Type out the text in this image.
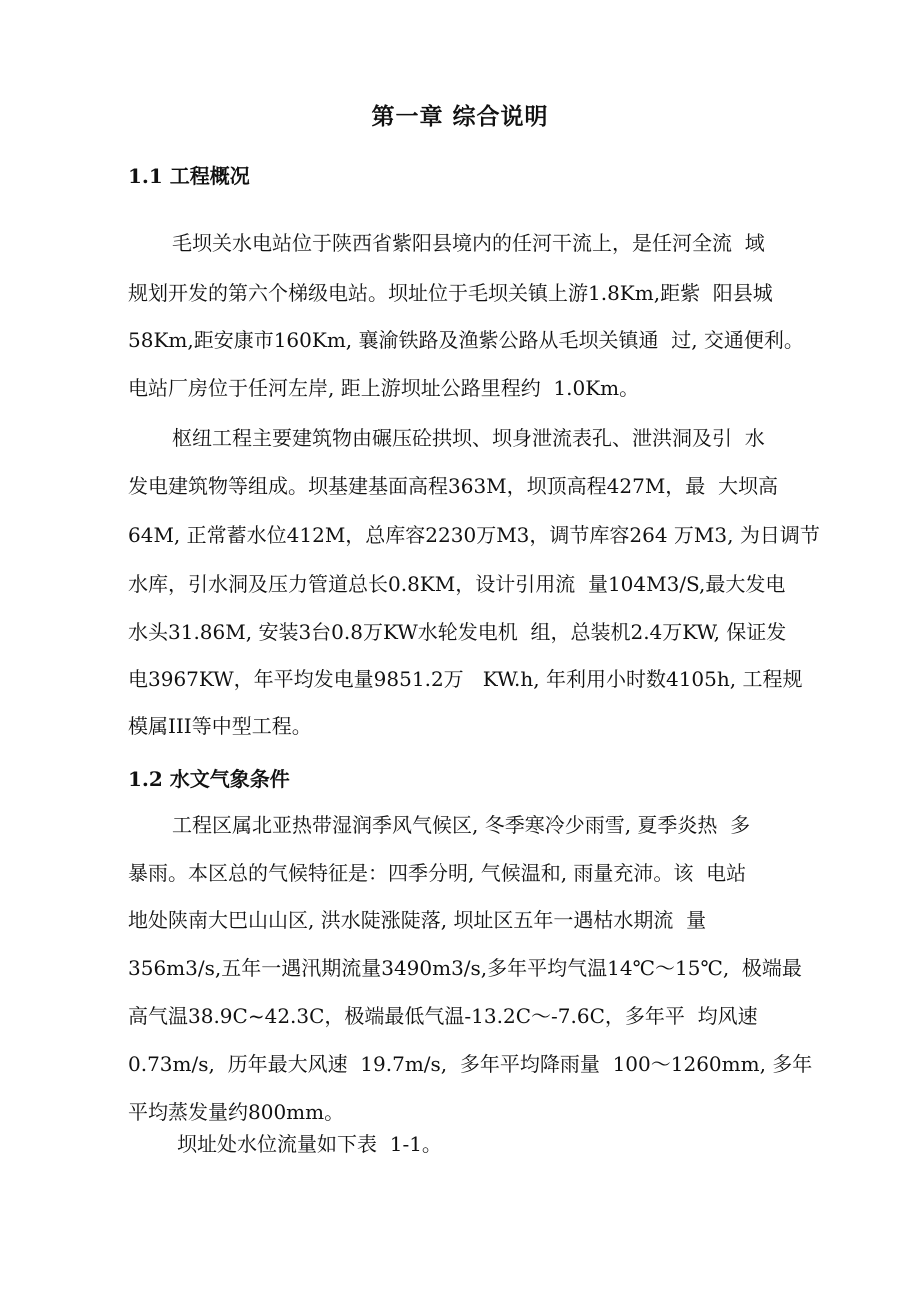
第一章 综合说明
1.1 工程概况
毛坝关水电站位于陕西省紫阳县境内的任河干流上，是任河全流  域
规划开发的第六个梯级电站。坝址位于毛坝关镇上游1.8Km,距紫  阳县城
58Km,距安康市160Km, 襄渝铁路及渔紫公路从毛坝关镇通  过, 交通便利。
电站厂房位于任河左岸, 距上游坝址公路里程约  1.0Km。
枢纽工程主要建筑物由碾压砼拱坝、坝身泄流表孔、泄洪洞及引  水
发电建筑物等组成。坝基建基面高程363M，坝顶高程427M，最  大坝高
64M, 正常蓄水位412M，总库容2230万M3，调节库容264 万M3, 为日调节
水库，引水洞及压力管道总长0.8KM，设计引用流  量104M3/S,最大发电
水头31.86M, 安装3台0.8万KW水轮发电机  组，总装机2.4万KW, 保证发
电3967KW，年平均发电量9851.2万   KW.h, 年利用小时数4105h, 工程规
模属III等中型工程。
1.2 水文气象条件
工程区属北亚热带湿润季风气候区, 冬季寒冷少雨雪, 夏季炎热  多
暴雨。本区总的气候特征是：四季分明, 气候温和, 雨量充沛。该  电站
地处陕南大巴山山区, 洪水陡涨陡落, 坝址区五年一遇枯水期流  量
356m3/s,五年一遇汛期流量3490m3/s,多年平均气温14℃〜15℃,  极端最
高气温38.9C~42.3C，极端最低气温-13.2C〜-7.6C，多年平  均风速
0.73m/s,  历年最大风速  19.7m/s,  多年平均降雨量  100〜1260mm, 多年
平均蒸发量约800mm。
坝址处水位流量如下表  1-1。
